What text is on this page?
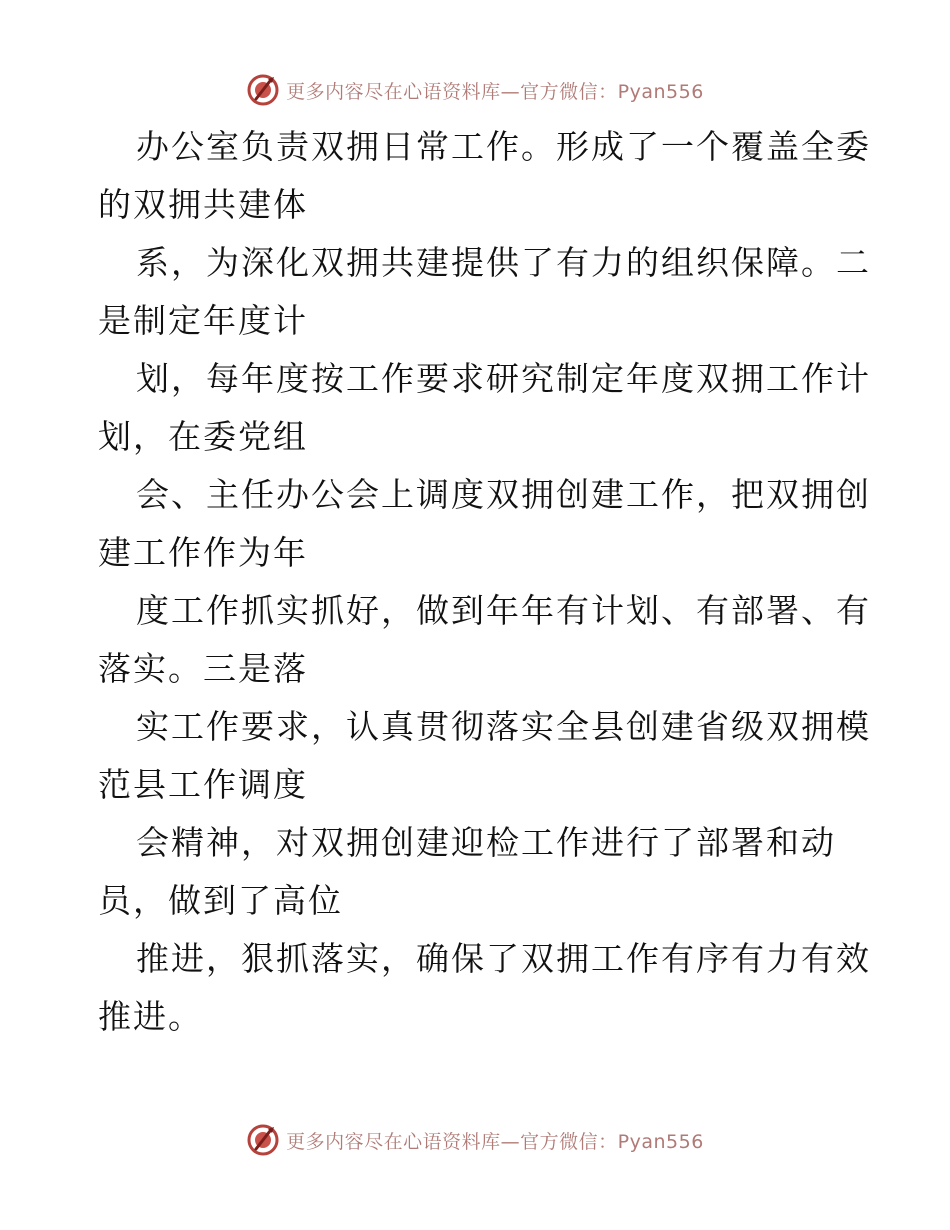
更多内容尽在心语资料库—官方微信：Pyan556
办公室负责双拥日常工作。形成了一个覆盖全委
的双拥共建体
系，为深化双拥共建提供了有力的组织保障。二
是制定年度计
划，每年度按工作要求研究制定年度双拥工作计
划，在委党组
会、主任办公会上调度双拥创建工作，把双拥创
建工作作为年
度工作抓实抓好，做到年年有计划、有部署、有
落实。三是落
实工作要求，认真贯彻落实全县创建省级双拥模
范县工作调度
会精神，对双拥创建迎检工作进行了部署和动
员，做到了高位
推进，狠抓落实，确保了双拥工作有序有力有效
推进。
更多内容尽在心语资料库—官方微信：Pyan556
